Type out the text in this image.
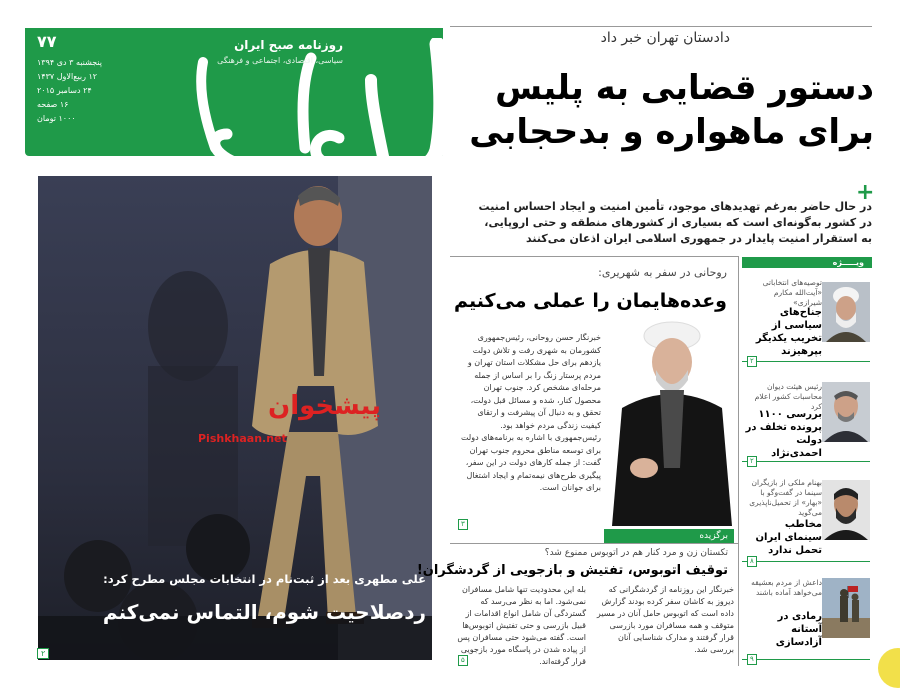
روزنامه صبح ایران
سیاسی، اقتصادی، اجتماعی و فرهنگی
۷۷
پنجشنبه ۳ دی ۱۳۹۴
۱۲ ربیع‌الاول ۱۴۳۷
۲۴ دسامبر ۲۰۱۵
۱۶ صفحه
۱۰۰۰ تومان
پیشخوان
Pishkhaan.net
علی مطهری بعد از ثبت‌نام در انتخابات مجلس مطرح کرد:
ردصلاحیت شوم، التماس نمی‌کنم
۲
دادستان تهران خبر داد
دستور قضایی به پلیس
برای ماهواره و بدحجابی
+
در حال حاضر به‌رغم تهدیدهای موجود، تأمین امنیت و ایجاد احساس امنیت در کشور به‌گونه‌ای است که بسیاری از کشورهای منطقه و حتی اروپایی، به استقرار امنیت پایدار در جمهوری اسلامی ایران اذعان می‌کنند
روحانی در سفر به شهریری:
وعده‌هایمان را عملی می‌کنیم
خبرنگار حسن روحانی، رئیس‌جمهوری کشورمان به شهری رفت و تلاش دولت یازدهم برای حل مشکلات استان تهران و مردم پرستار زنگ را بر اساس از جمله مرحله‌ای مشخص کرد. جنوب تهران محصول کنار، شده و مسائل قبل دولت، تحقق و به دنبال آن پیشرفت و ارتقای کیفیت زندگی مردم خواهد بود. رئیس‌جمهوری با اشاره به برنامه‌های دولت برای توسعه مناطق محروم جنوب تهران گفت: از جمله کارهای دولت در این سفر، پیگیری طرح‌های نیمه‌تمام و ایجاد اشتغال برای جوانان است.
برگزیده
۳
تکستان زن و مرد کنار هم در اتوبوس ممنوع شد؟
توقیف اتوبوس، تفتیش و بازجویی از گردشگران!
بله این محدودیت تنها شامل مسافران نمی‌شود. اما به نظر می‌رسد که گستردگی آن شامل انواع اقدامات از قبیل بازرسی و حتی تفتیش اتوبوس‌ها است. گفته می‌شود حتی مسافران پس از پیاده شدن در پاسگاه مورد بازجویی قرار گرفته‌اند.
خبرنگار این روزنامه از گردشگرانی که دیروز به کاشان سفر کرده بودند گزارش داده است که اتوبوس حامل آنان در مسیر متوقف و همه مسافران مورد بازرسی قرار گرفتند و مدارک شناسایی آنان بررسی شد.
۵
ویـــــژه
توصیه‌های انتخاباتی «آیت‌الله مکارم شیرازی»
جناح‌های سیاسی از تخریب یکدیگر بپرهیزند
۲
رئیس هیئت دیوان محاسبات کشور اعلام کرد
بررسی ۱۱۰۰ پرونده تخلف در دولت احمدی‌نژاد
۲
بهنام ملکی از بازیگران سینما در گفت‌وگو با «بهار» از تحمیل‌ناپذیری می‌گوید
مخاطب سینمای ایران تحمل ندارد
۸
داعش از مردم بعشیقه می‌خواهد آماده باشند
رمادی در آستانه آزادسازی
۹
